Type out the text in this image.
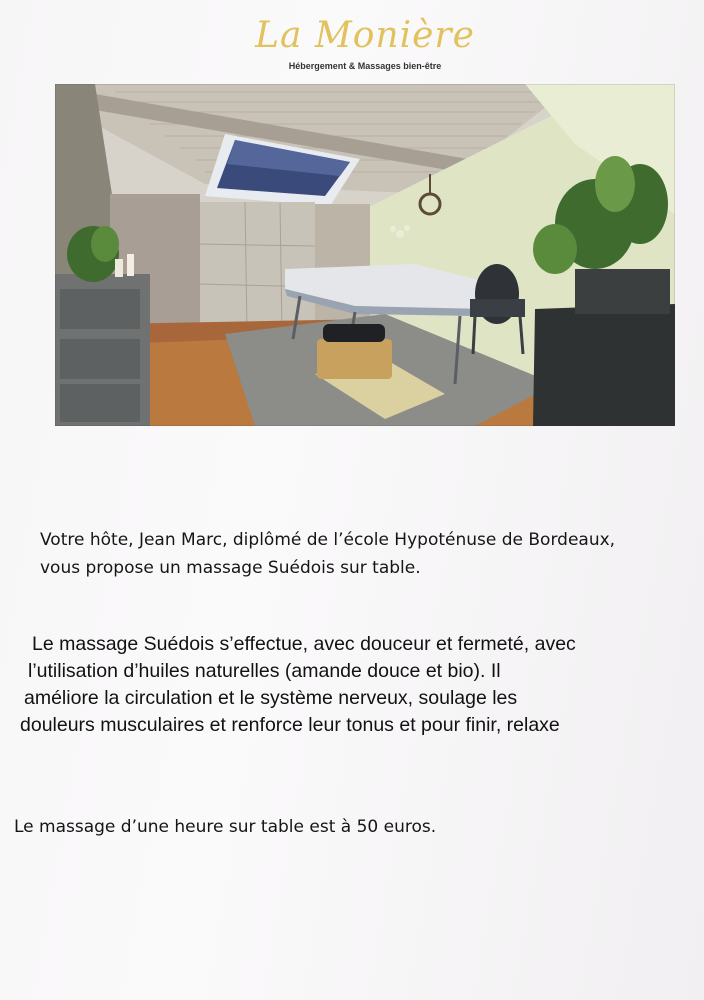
La Monière
Hébergement & Massages bien-être
Votre hôte, Jean Marc, diplômé de l’école Hypoténuse de Bordeaux,
vous propose un massage Suédois sur table.
Le massage Suédois s’effectue, avec douceur et fermeté, avec
l’utilisation d’huiles naturelles (amande douce et bio). Il
améliore la circulation et le système nerveux, soulage les
douleurs musculaires et renforce leur tonus et pour finir, relaxe
Le massage d’une heure sur table est à 50 euros.
